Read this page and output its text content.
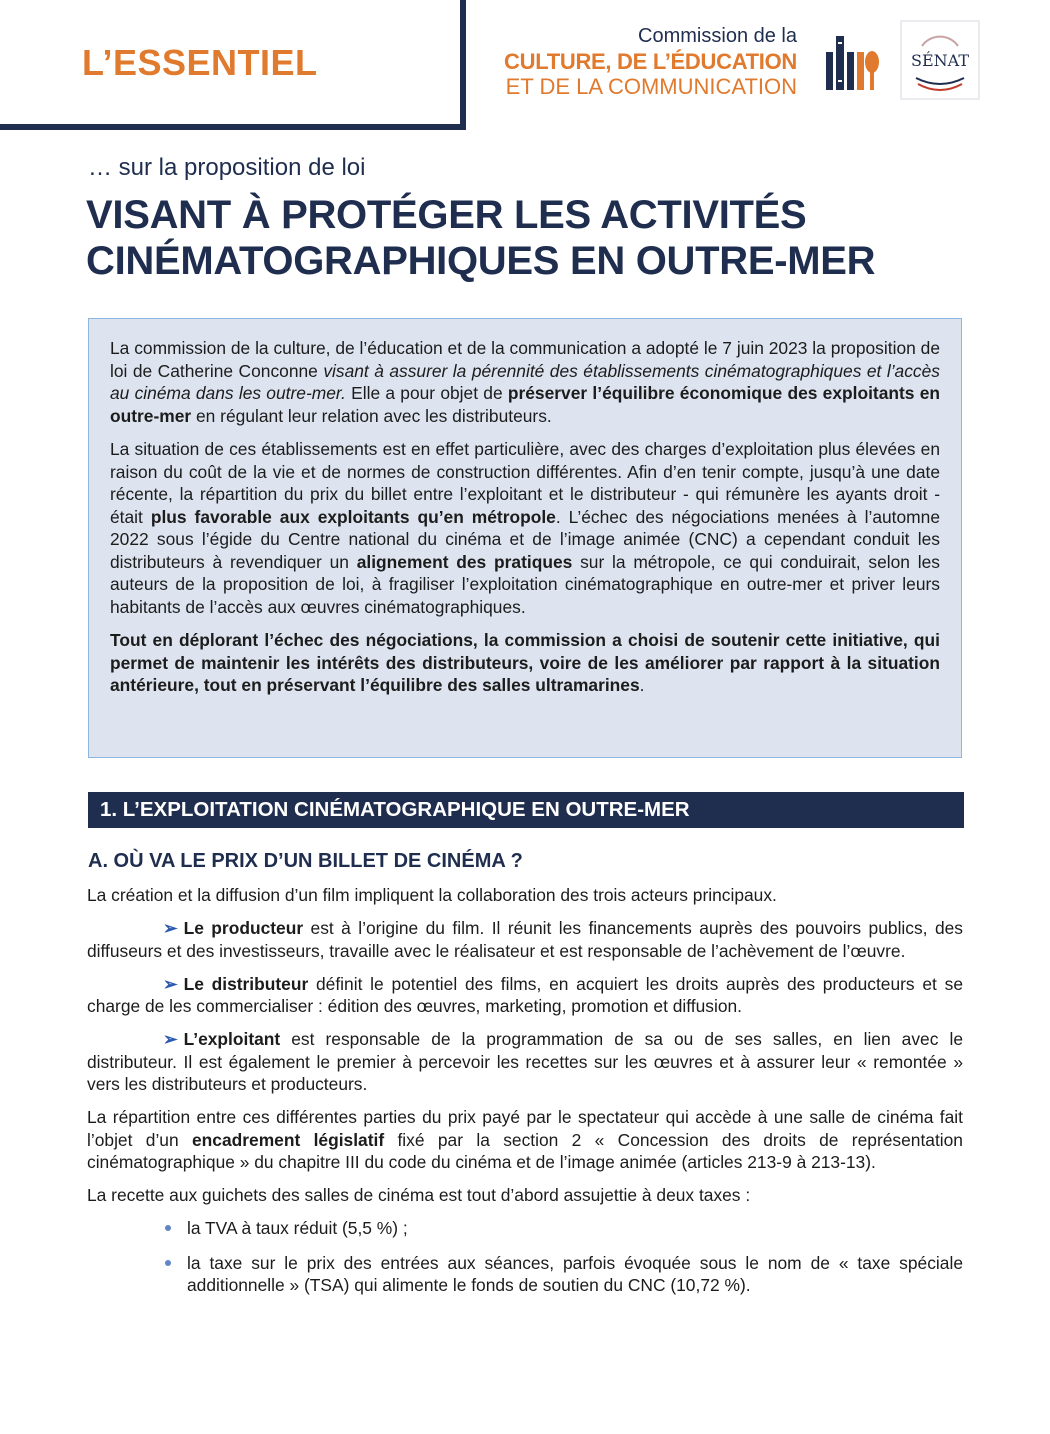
L’ESSENTIEL
Commission de la
CULTURE, DE L’ÉDUCATION
ET DE LA COMMUNICATION
SÉNAT
… sur la proposition de loi
VISANT À PROTÉGER LES ACTIVITÉS
CINÉMATOGRAPHIQUES EN OUTRE-MER

La commission de la culture, de l’éducation et de la communication a adopté le 7 juin 2023 la proposition de loi de Catherine Conconne visant à assurer la pérennité des établissements cinématographiques et l’accès au cinéma dans les outre-mer. Elle a pour objet de préserver l’équilibre économique des exploitants en outre-mer en régulant leur relation avec les distributeurs.

La situation de ces établissements est en effet particulière, avec des charges d’exploitation plus élevées en raison du coût de la vie et de normes de construction différentes. Afin d’en tenir compte, jusqu’à une date récente, la répartition du prix du billet entre l’exploitant et le distributeur - qui rémunère les ayants droit - était plus favorable aux exploitants qu’en métropole. L’échec des négociations menées à l’automne 2022 sous l’égide du Centre national du cinéma et de l’image animée (CNC) a cependant conduit les distributeurs à revendiquer un alignement des pratiques sur la métropole, ce qui conduirait, selon les auteurs de la proposition de loi, à fragiliser l’exploitation cinématographique en outre-mer et priver leurs habitants de l’accès aux œuvres cinématographiques.

Tout en déplorant l’échec des négociations, la commission a choisi de soutenir cette initiative, qui permet de maintenir les intérêts des distributeurs, voire de les améliorer par rapport à la situation antérieure, tout en préservant l’équilibre des salles ultramarines.

1. L’EXPLOITATION CINÉMATOGRAPHIQUE EN OUTRE-MER
A. OÙ VA LE PRIX D’UN BILLET DE CINÉMA ?

La création et la diffusion d’un film impliquent la collaboration des trois acteurs principaux.

➢ Le producteur est à l’origine du film. Il réunit les financements auprès des pouvoirs publics, des diffuseurs et des investisseurs, travaille avec le réalisateur et est responsable de l’achèvement de l’œuvre.

➢ Le distributeur définit le potentiel des films, en acquiert les droits auprès des producteurs et se charge de les commercialiser : édition des œuvres, marketing, promotion et diffusion.

➢ L’exploitant est responsable de la programmation de sa ou de ses salles, en lien avec le distributeur. Il est également le premier à percevoir les recettes sur les œuvres et à assurer leur « remontée » vers les distributeurs et producteurs.

La répartition entre ces différentes parties du prix payé par le spectateur qui accède à une salle de cinéma fait l’objet d’un encadrement législatif fixé par la section 2 « Concession des droits de représentation cinématographique » du chapitre III du code du cinéma et de l’image animée (articles 213-9 à 213-13).

La recette aux guichets des salles de cinéma est tout d’abord assujettie à deux taxes :

la TVA à taux réduit (5,5 %) ;
la taxe sur le prix des entrées aux séances, parfois évoquée sous le nom de « taxe spéciale additionnelle » (TSA) qui alimente le fonds de soutien du CNC (10,72 %).
